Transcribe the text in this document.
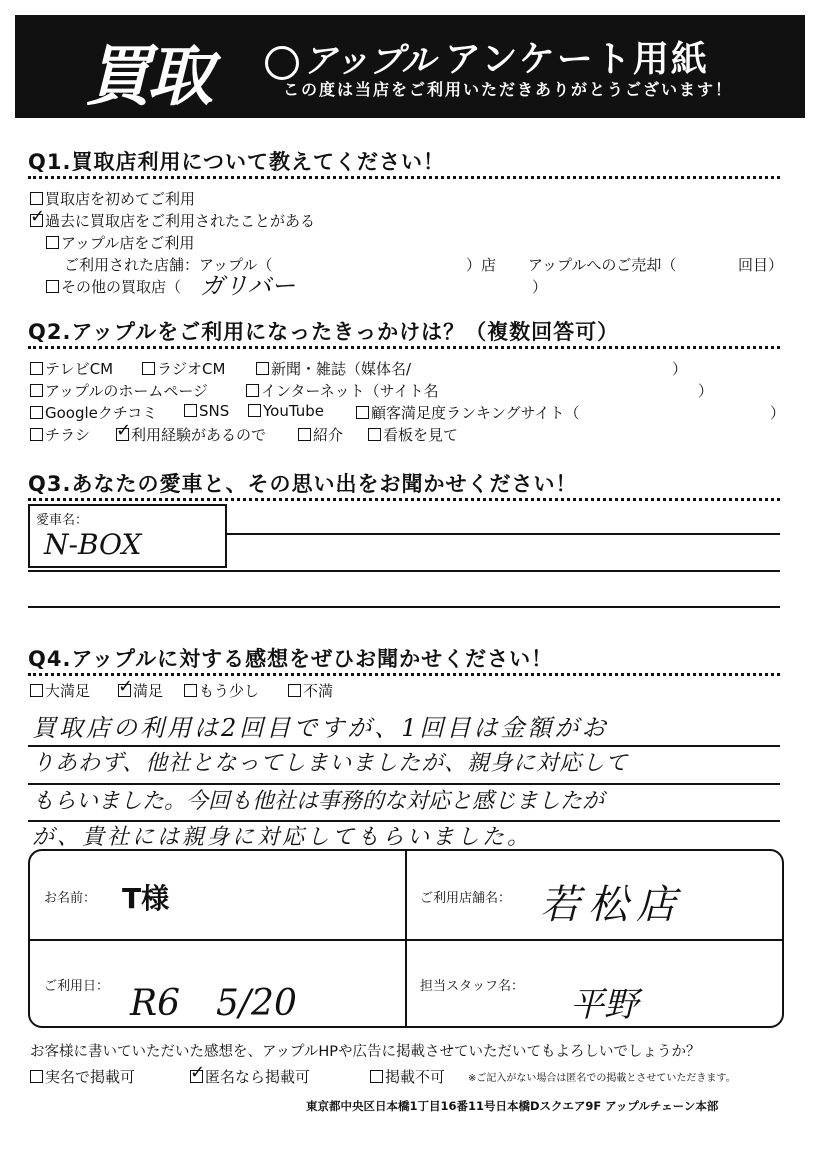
買取	アップル アンケート用紙
この度は当店をご利用いただきありがとうございます！
Q1.買取店利用について教えてください！
買取店を初めてご利用
✓過去に買取店をご利用されたことがある
アップル店をご利用
ご利用された店舗：アップル（	）店 アップルへのご売却（	回目）
その他の買取店（ ガリバー	）
Q2.アップルをご利用になったきっかけは？（複数回答可）
テレビCM	ラジオCM	新聞・雑誌（媒体名/	）
アップルのホームページ	インターネット（サイト名	）
Googleクチコミ	SNS	YouTube	顧客満足度ランキングサイト（	）
チラシ ✓	利用経験があるので	紹介	看板を見て
Q3.あなたの愛車と、その思い出をお聞かせください！
愛車名：
N-BOX
Q4.アップルに対する感想をぜひお聞かせください！
大満足 ✓	満足	もう少し	不満
買取店の利用は2回目ですが、1回目は金額がお
りあわず、他社となってしまいましたが、親身に対応して
もらいました。今回も他社は事務的な対応と感じましたが
が、貴社には親身に対応してもらいました。
お名前： T様	ご利用店舗名： 若松店
ご利用日： R6　5/20	担当スタッフ名： 平野
お客様に書いていただいた感想を、アップルHPや広告に掲載させていただいてもよろしいでしょうか？
実名で掲載可 ✓	匿名なら掲載可	掲載不可 ※ご記入がない場合は匿名での掲載とさせていただきます。
東京都中央区日本橋1丁目16番11号日本橋Dスクエア9F アップルチェーン本部
